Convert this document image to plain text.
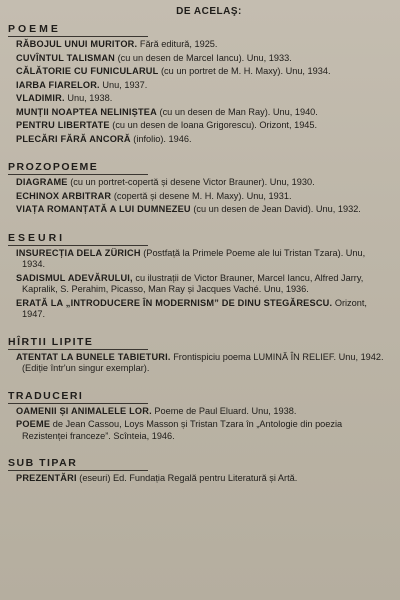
DE ACELAŞ:
POEME
RĂBOJUL UNUI MURITOR. Fără editură, 1925.
CUVÎNTUL TALISMAN (cu un desen de Marcel Iancu). Unu, 1933.
CĂLĂTORIE CU FUNICULARUL (cu un portret de M. H. Maxy). Unu, 1934.
IARBA FIARELOR. Unu, 1937.
VLADIMIR. Unu, 1938.
MUNȚII NOAPTEA NELINIȘTEA (cu un desen de Man Ray). Unu, 1940.
PENTRU LIBERTATE (cu un desen de Ioana Grigorescu). Orizont, 1945.
PLECĂRI FĂRĂ ANCORĂ (infolio). 1946.
PROZOPOEME
DIAGRAME (cu un portret-copertă și desene Victor Brauner). Unu, 1930.
ECHINOX ARBITRAR (copertă și desene M. H. Maxy). Unu, 1931.
VIAȚA ROMANȚATĂ A LUI DUMNEZEU (cu un desen de Jean David). Unu, 1932.
ESEURI
INSURECȚIA DELA ZÜRICH (Postfață la Primele Poeme ale lui Tristan Tzara). Unu, 1934.
SADISMUL ADEVĂRULUI, cu ilustrații de Victor Brauner, Marcel Iancu, Alfred Jarry, Kapralik, S. Perahim, Picasso, Man Ray și Jacques Vaché. Unu, 1936.
ERATĂ LA „INTRODUCERE ÎN MODERNISM” DE DINU STEGĂRESCU. Orizont, 1947.
HÎRTII LIPITE
ATENTAT LA BUNELE TABIETURI. Frontispiciu poema LUMINĂ ÎN RELIEF. Unu, 1942. (Ediție într'un singur exemplar).
TRADUCERI
OAMENII ȘI ANIMALELE LOR. Poeme de Paul Eluard. Unu, 1938.
POEME de Jean Cassou, Loys Masson și Tristan Tzara în „Antologie din poezia Rezistenței franceze”. Scînteia, 1946.
SUB TIPAR
PREZENTĂRI (eseuri) Ed. Fundația Regală pentru Literatură și Artă.
